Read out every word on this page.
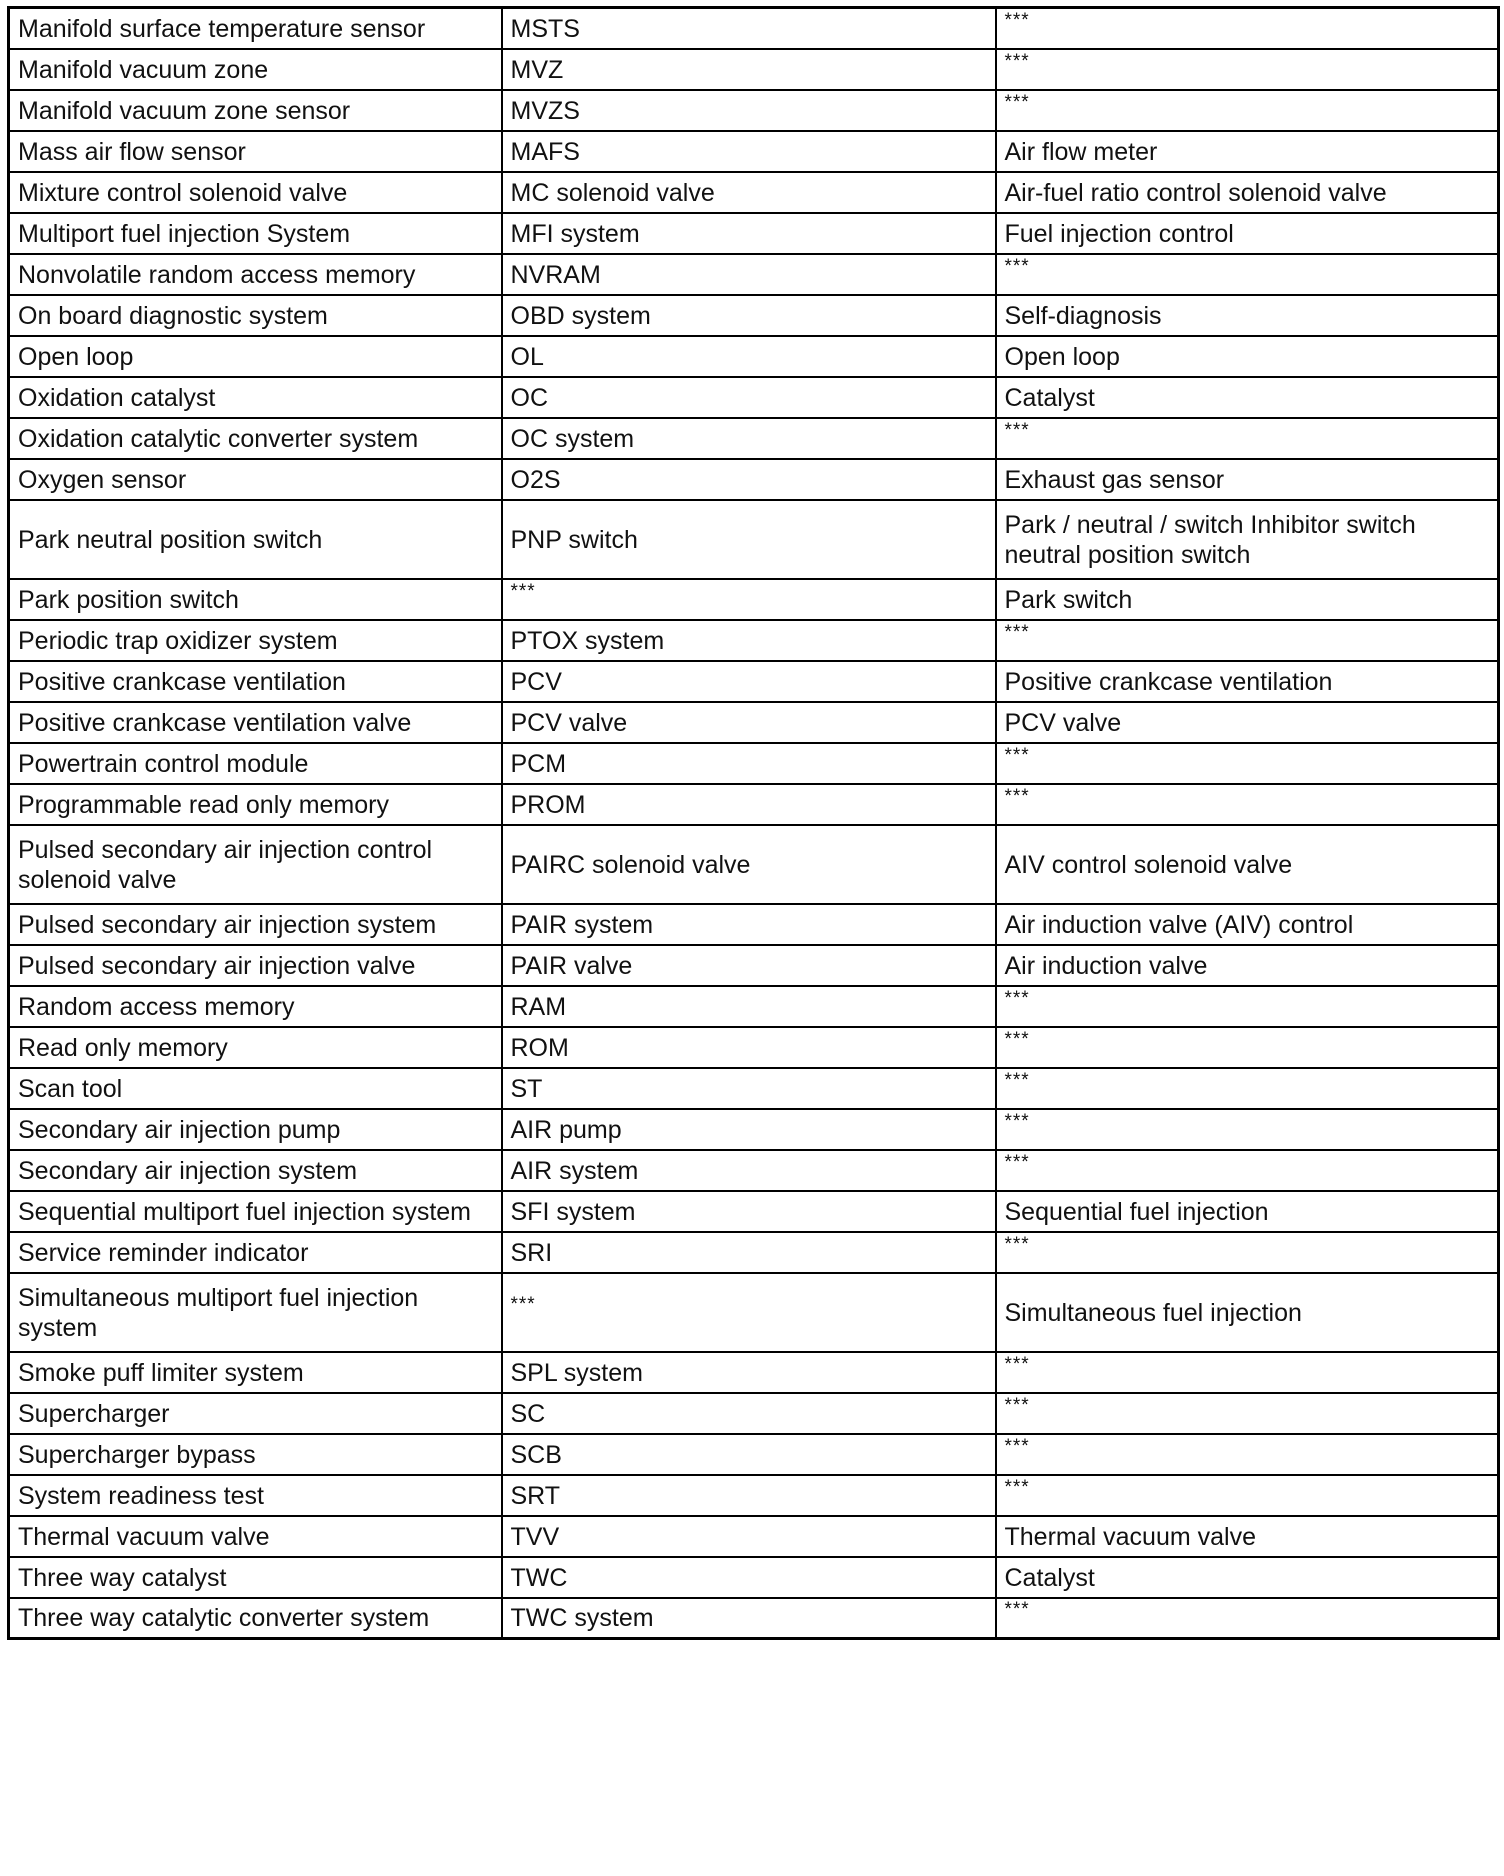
Manifold surface temperature sensor	MSTS	***
Manifold vacuum zone	MVZ	***
Manifold vacuum zone sensor	MVZS	***
Mass air flow sensor	MAFS	Air flow meter
Mixture control solenoid valve	MC solenoid valve	Air-fuel ratio control solenoid valve
Multiport fuel injection System	MFI system	Fuel injection control
Nonvolatile random access memory	NVRAM	***
On board diagnostic system	OBD system	Self-diagnosis
Open loop	OL	Open loop
Oxidation catalyst	OC	Catalyst
Oxidation catalytic converter system	OC system	***
Oxygen sensor	O2S	Exhaust gas sensor
Park neutral position switch	PNP switch	Park / neutral / switch Inhibitor switch neutral position switch
Park position switch	***	Park switch
Periodic trap oxidizer system	PTOX system	***
Positive crankcase ventilation	PCV	Positive crankcase ventilation
Positive crankcase ventilation valve	PCV valve	PCV valve
Powertrain control module	PCM	***
Programmable read only memory	PROM	***
Pulsed secondary air injection control solenoid valve	PAIRC solenoid valve	AIV control solenoid valve
Pulsed secondary air injection system	PAIR system	Air induction valve (AIV) control
Pulsed secondary air injection valve	PAIR valve	Air induction valve
Random access memory	RAM	***
Read only memory	ROM	***
Scan tool	ST	***
Secondary air injection pump	AIR pump	***
Secondary air injection system	AIR system	***
Sequential multiport fuel injection system	SFI system	Sequential fuel injection
Service reminder indicator	SRI	***
Simultaneous multiport fuel injection system	***	Simultaneous fuel injection
Smoke puff limiter system	SPL system	***
Supercharger	SC	***
Supercharger bypass	SCB	***
System readiness test	SRT	***
Thermal vacuum valve	TVV	Thermal vacuum valve
Three way catalyst	TWC	Catalyst
Three way catalytic converter system	TWC system	***
